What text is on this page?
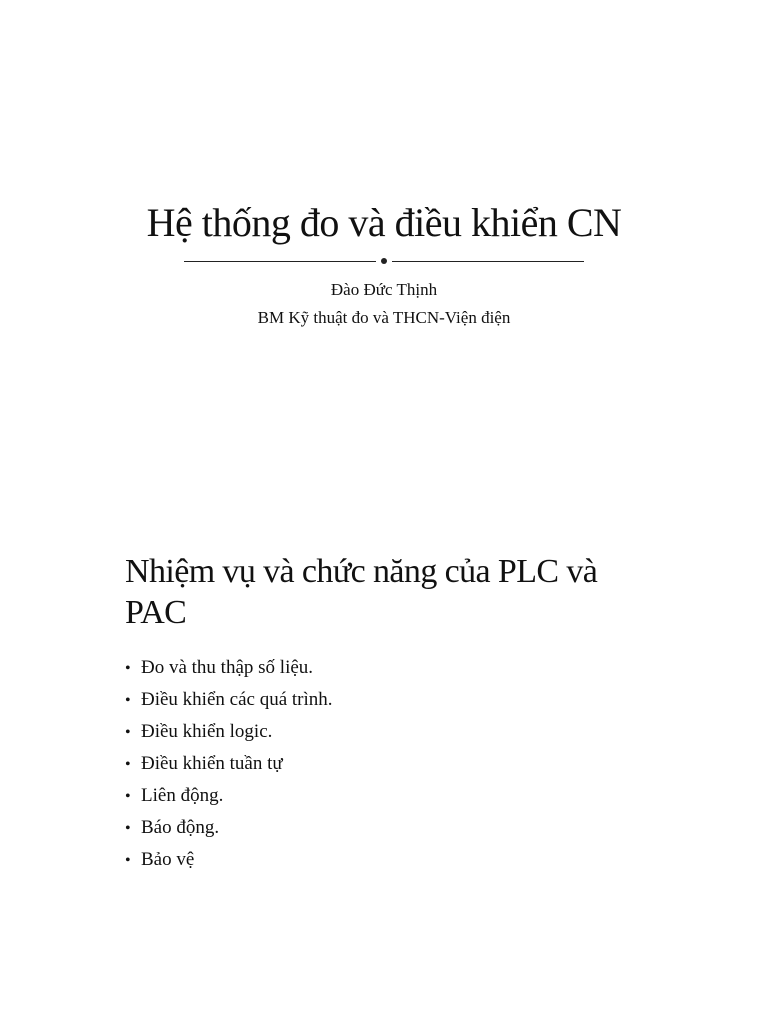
Hệ thống đo và điều khiển CN
Đào Đức Thịnh
BM Kỹ thuật đo và THCN-Viện điện
Nhiệm vụ và chức năng của PLC và PAC
• Đo và thu thập số liệu.
• Điều khiển các quá trình.
• Điều khiển logic.
• Điều khiển tuần tự
• Liên động.
• Báo động.
• Bảo vệ
